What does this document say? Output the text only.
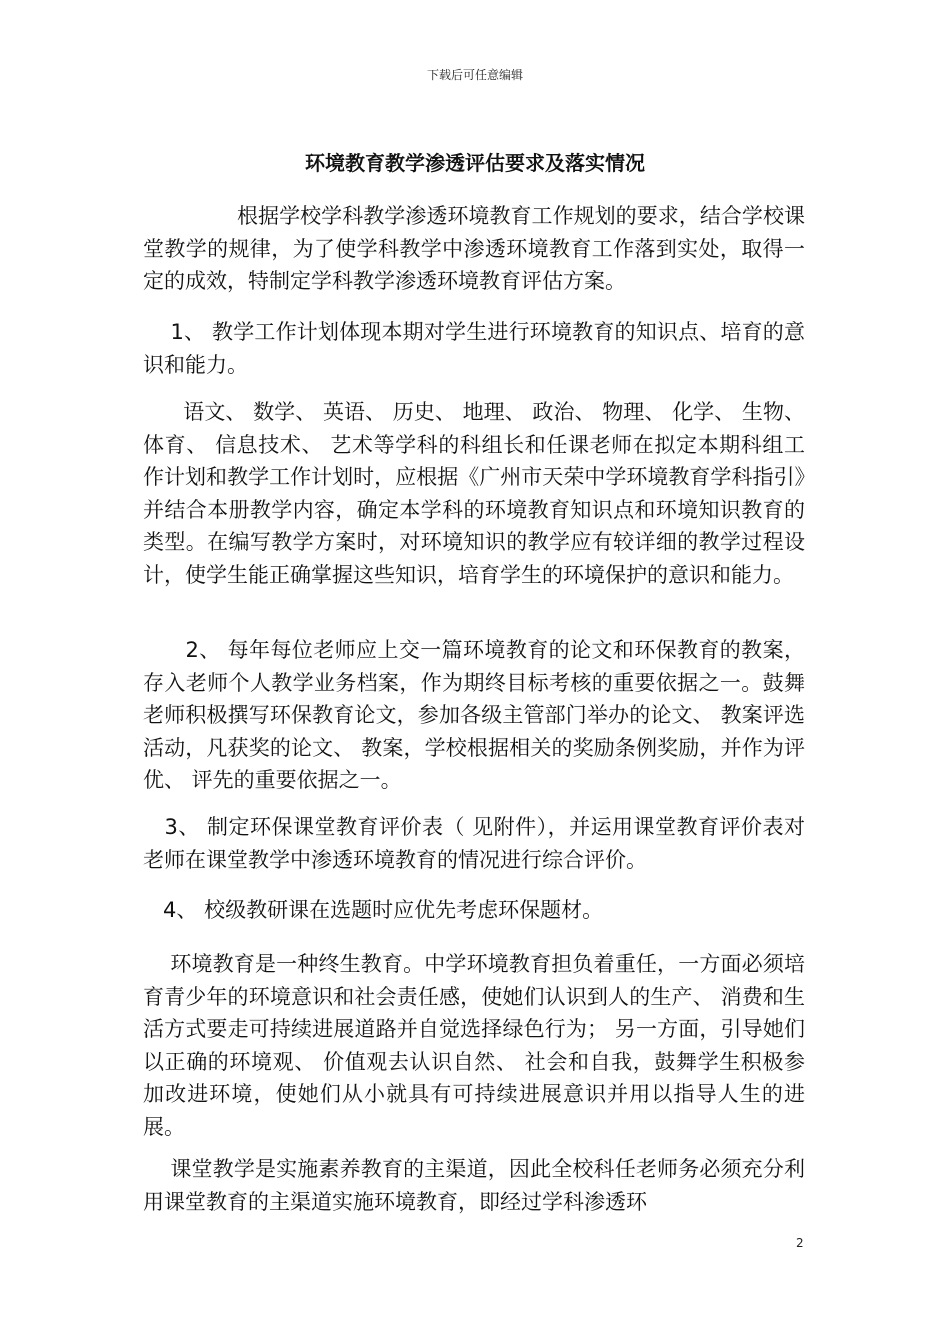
下载后可任意编辑
环境教育教学渗透评估要求及落实情况
根据学校学科教学渗透环境教育工作规划的要求，结合学校课堂教学的规律，为了使学科教学中渗透环境教育工作落到实处，取得一定的成效，特制定学科教学渗透环境教育评估方案。
1、 教学工作计划体现本期对学生进行环境教育的知识点、培育的意识和能力。
语文、 数学、 英语、 历史、 地理、 政治、 物理、 化学、 生物、 体育、 信息技术、 艺术等学科的科组长和任课老师在拟定本期科组工作计划和教学工作计划时，应根据《广州市天荣中学环境教育学科指引》并结合本册教学内容，确定本学科的环境教育知识点和环境知识教育的类型。在编写教学方案时，对环境知识的教学应有较详细的教学过程设计，使学生能正确掌握这些知识，培育学生的环境保护的意识和能力。
2、 每年每位老师应上交一篇环境教育的论文和环保教育的教案，存入老师个人教学业务档案，作为期终目标考核的重要依据之一。鼓舞老师积极撰写环保教育论文，参加各级主管部门举办的论文、 教案评选活动，凡获奖的论文、 教案，学校根据相关的奖励条例奖励，并作为评优、 评先的重要依据之一。
3、 制定环保课堂教育评价表（ 见附件），并运用课堂教育评价表对老师在课堂教学中渗透环境教育的情况进行综合评价。
4、 校级教研课在选题时应优先考虑环保题材。
环境教育是一种终生教育。中学环境教育担负着重任，一方面必须培育青少年的环境意识和社会责任感，使她们认识到人的生产、 消费和生活方式要走可持续进展道路并自觉选择绿色行为； 另一方面，引导她们以正确的环境观、 价值观去认识自然、 社会和自我，鼓舞学生积极参加改进环境，使她们从小就具有可持续进展意识并用以指导人生的进展。
课堂教学是实施素养教育的主渠道，因此全校科任老师务必须充分利用课堂教育的主渠道实施环境教育，即经过学科渗透环
2
